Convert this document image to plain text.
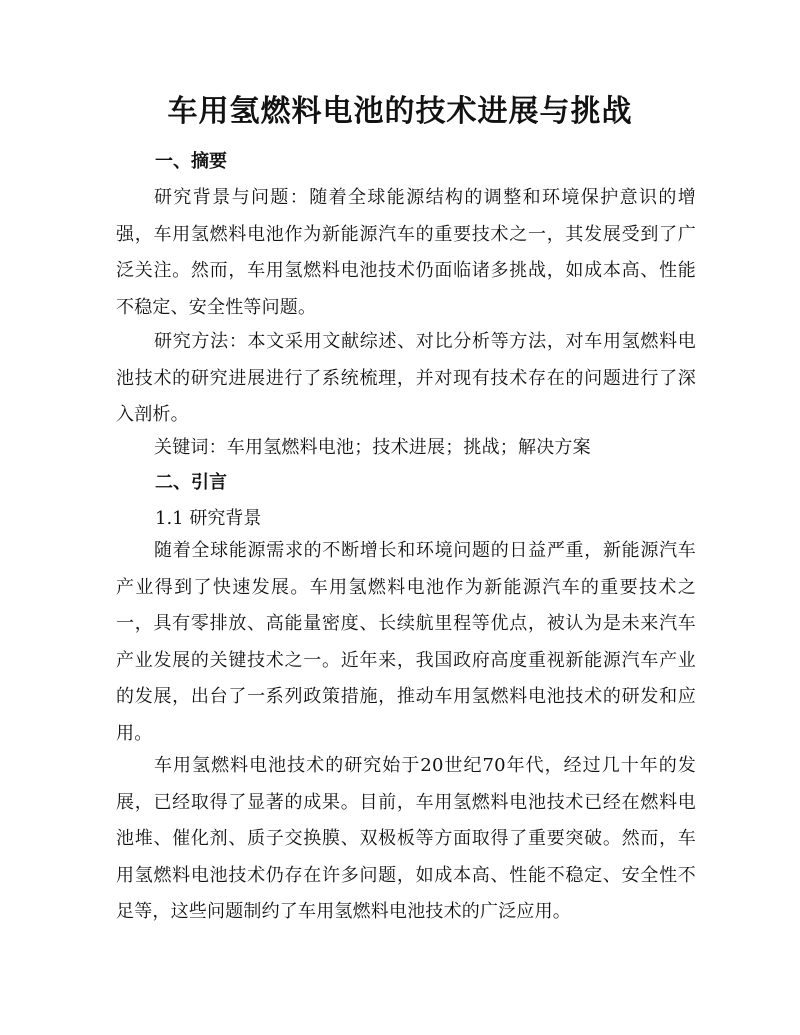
车用氢燃料电池的技术进展与挑战
一、摘要
研究背景与问题：随着全球能源结构的调整和环境保护意识的增强，车用氢燃料电池作为新能源汽车的重要技术之一，其发展受到了广泛关注。然而，车用氢燃料电池技术仍面临诸多挑战，如成本高、性能不稳定、安全性等问题。
研究方法：本文采用文献综述、对比分析等方法，对车用氢燃料电池技术的研究进展进行了系统梳理，并对现有技术存在的问题进行了深入剖析。
关键词：车用氢燃料电池；技术进展；挑战；解决方案
二、引言
1.1 研究背景
随着全球能源需求的不断增长和环境问题的日益严重，新能源汽车产业得到了快速发展。车用氢燃料电池作为新能源汽车的重要技术之一，具有零排放、高能量密度、长续航里程等优点，被认为是未来汽车产业发展的关键技术之一。近年来，我国政府高度重视新能源汽车产业的发展，出台了一系列政策措施，推动车用氢燃料电池技术的研发和应用。
车用氢燃料电池技术的研究始于20世纪70年代，经过几十年的发展，已经取得了显著的成果。目前，车用氢燃料电池技术已经在燃料电池堆、催化剂、质子交换膜、双极板等方面取得了重要突破。然而，车用氢燃料电池技术仍存在许多问题，如成本高、性能不稳定、安全性不足等，这些问题制约了车用氢燃料电池技术的广泛应用。
